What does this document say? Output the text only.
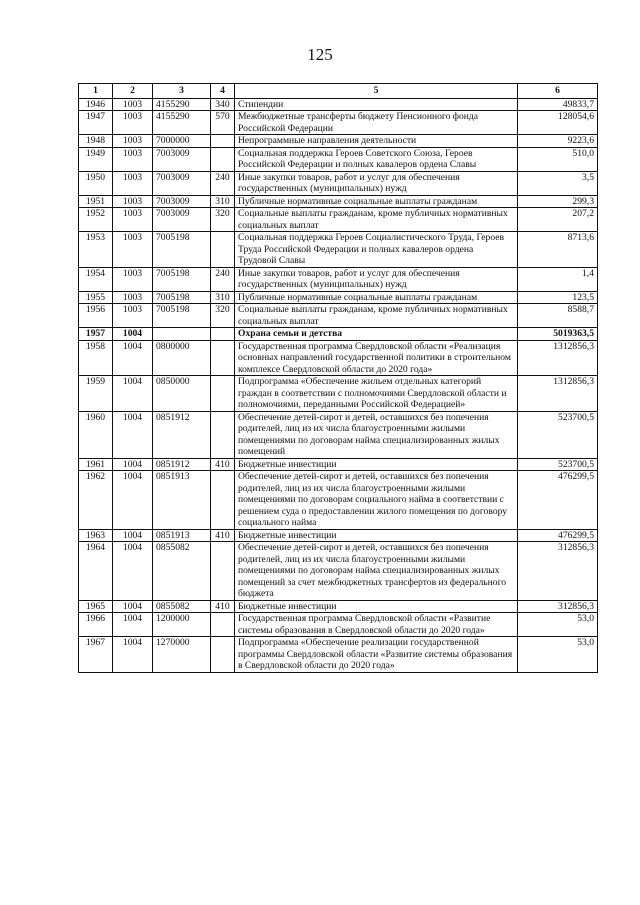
125
1	2	3	4	5	6
1946	1003	4155290	340	Стипендии	49833,7
1947	1003	4155290	570	Межбюджетные трансферты бюджету Пенсионного фонда Российской Федерации	128054,6
1948	1003	7000000		Непрограммные направления деятельности	9223,6
1949	1003	7003009		Социальная поддержка Героев Советского Союза, Героев Российской Федерации и полных кавалеров ордена Славы	510,0
1950	1003	7003009	240	Иные закупки товаров, работ и услуг для обеспечения государственных (муниципальных) нужд	3,5
1951	1003	7003009	310	Публичные нормативные социальные выплаты гражданам	299,3
1952	1003	7003009	320	Социальные выплаты гражданам, кроме публичных нормативных социальных выплат	207,2
1953	1003	7005198		Социальная поддержка Героев Социалистического Труда, Героев Труда Российской Федерации и полных кавалеров ордена Трудовой Славы	8713,6
1954	1003	7005198	240	Иные закупки товаров, работ и услуг для обеспечения государственных (муниципальных) нужд	1,4
1955	1003	7005198	310	Публичные нормативные социальные выплаты гражданам	123,5
1956	1003	7005198	320	Социальные выплаты гражданам, кроме публичных нормативных социальных выплат	8588,7
1957	1004			Охрана семьи и детства	5019363,5
1958	1004	0800000		Государственная программа Свердловской области «Реализация основных направлений государственной политики в строительном комплексе Свердловской области до 2020 года»	1312856,3
1959	1004	0850000		Подпрограмма «Обеспечение жильем отдельных категорий граждан в соответствии с полномочиями Свердловской области и полномочиями, переданными Российской Федерацией»	1312856,3
1960	1004	0851912		Обеспечение детей-сирот и детей, оставшихся без попечения родителей, лиц из их числа благоустроенными жилыми помещениями по договорам найма специализированных жилых помещений	523700,5
1961	1004	0851912	410	Бюджетные инвестиции	523700,5
1962	1004	0851913		Обеспечение детей-сирот и детей, оставшихся без попечения родителей, лиц из их числа благоустроенными жилыми помещениями по договорам социального найма в соответствии с решением суда о предоставлении жилого помещения по договору социального найма	476299,5
1963	1004	0851913	410	Бюджетные инвестиции	476299,5
1964	1004	0855082		Обеспечение детей-сирот и детей, оставшихся без попечения родителей, лиц из их числа благоустроенными жилыми помещениями по договорам найма специализированных жилых помещений за счет межбюджетных трансфертов из федерального бюджета	312856,3
1965	1004	0855082	410	Бюджетные инвестиции	312856,3
1966	1004	1200000		Государственная программа Свердловской области «Развитие системы образования в Свердловской области до 2020 года»	53,0
1967	1004	1270000		Подпрограмма «Обеспечение реализации государственной программы Свердловской области «Развитие системы образования в Свердловской области до 2020 года»	53,0
